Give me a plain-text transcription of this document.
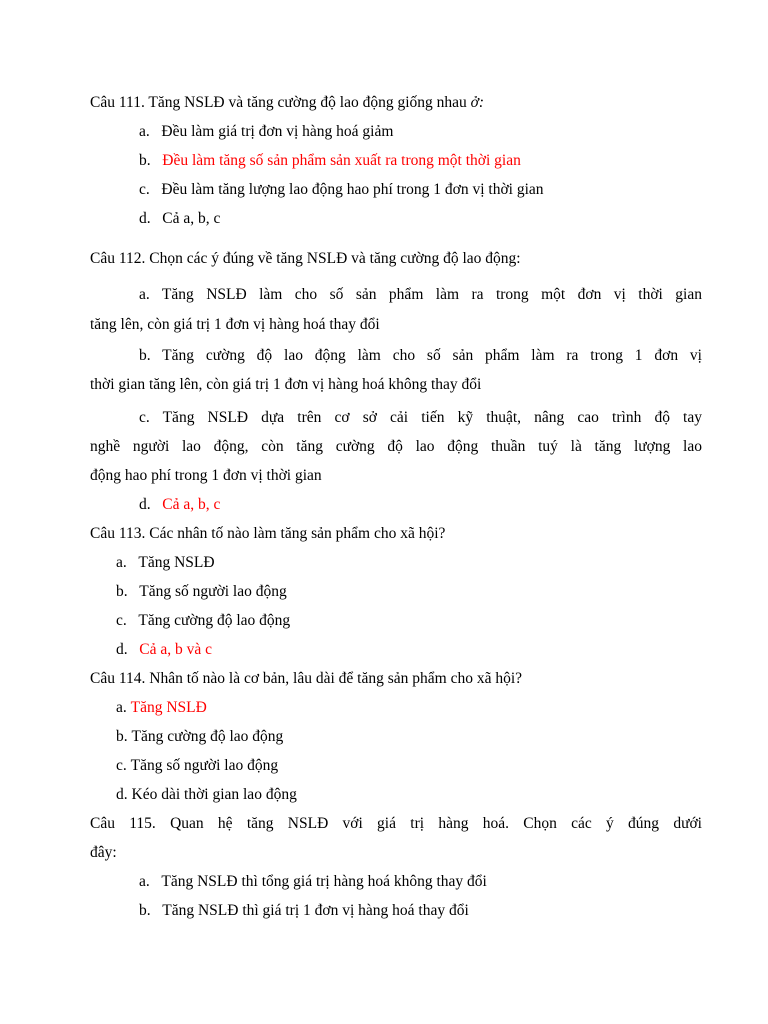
Câu 111. Tăng NSLĐ và tăng cường độ lao động giống nhau ở:
a. Đều làm giá trị đơn vị hàng hoá giảm
b. Đều làm tăng số sản phẩm sản xuất ra trong một thời gian
c. Đều làm tăng lượng lao động hao phí trong 1 đơn vị thời gian
d. Cả a, b, c
Câu 112. Chọn các ý đúng về tăng NSLĐ và tăng cường độ lao động:
a. Tăng NSLĐ làm cho số sản phẩm làm ra trong một đơn vị thời gian
tăng lên, còn giá trị 1 đơn vị hàng hoá thay đổi
b. Tăng cường độ lao động làm cho số sản phẩm làm ra trong 1 đơn vị
thời gian tăng lên, còn giá trị 1 đơn vị hàng hoá không thay đổi
c. Tăng NSLĐ dựa trên cơ sở cải tiến kỹ thuật, nâng cao trình độ tay
nghề người lao động, còn tăng cường độ lao động thuần tuý là tăng lượng lao
động hao phí trong 1 đơn vị thời gian
d. Cả a, b, c
Câu 113. Các nhân tố nào làm tăng sản phẩm cho xã hội?
a. Tăng NSLĐ
b. Tăng số người lao động
c. Tăng cường độ lao động
d. Cả a, b và c
Câu 114. Nhân tố nào là cơ bản, lâu dài để tăng sản phẩm cho xã hội?
a. Tăng NSLĐ
b. Tăng cường độ lao động
c. Tăng số người lao động
d. Kéo dài thời gian lao động
Câu 115. Quan hệ tăng NSLĐ với giá trị hàng hoá. Chọn các ý đúng dưới
đây:
a. Tăng NSLĐ thì tổng giá trị hàng hoá không thay đổi
b. Tăng NSLĐ thì giá trị 1 đơn vị hàng hoá thay đổi
